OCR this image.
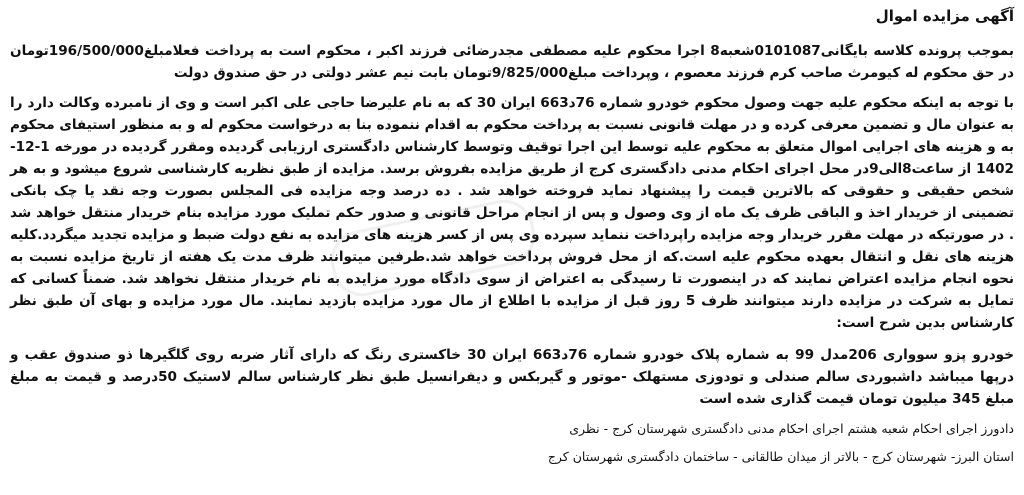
آگهی مزایده اموال

بموجب پرونده کلاسه بایگانی0101087شعبه8 اجرا محکوم علیه مصطفی مجدرضائی فرزند اکبر ، محکوم است به پرداخت فعلامبلغ196/500/000تومان در حق محکوم له کیومرث صاحب کرم فرزند معصوم ، وپرداخت مبلغ9/825/000تومان بابت نیم عشر دولتی در حق صندوق دولت

با توجه به اینکه محکوم علیه جهت وصول محکوم خودرو شماره 76د663 ایران 30 که به نام علیرضا حاجی علی اکبر است و وی از نامبرده وکالت دارد را به عنوان مال و تضمین معرفی کرده و در مهلت قانونی نسبت به پرداخت محکوم به اقدام ننموده بنا به درخواست محکوم له و به منظور استیفای محکوم به و هزینه های اجرایی اموال متعلق به محکوم علیه توسط این اجرا توقیف وتوسط کارشناس دادگستری ارزیابی گردیده ومقرر گردیده در مورخه 1-12-1402 از ساعت8الی9در محل اجرای احکام مدنی دادگستری کرج از طریق مزایده بفروش برسد. مزایده از طبق نظریه کارشناسی شروع میشود و به هر شخص حقیقی و حقوقی که بالاترین قیمت را پیشنهاد نماید فروخته خواهد شد . ده درصد وجه مزایده فی المجلس بصورت وجه نقد یا چک بانکی تضمینی از خریدار اخذ و الباقی ظرف یک ماه از وی وصول و پس از انجام مراحل قانونی و صدور حکم تملیک مورد مزایده بنام خریدار منتقل خواهد شد . در صورتیکه در مهلت مقرر خریدار وجه مزایده راپرداخت ننماید سپرده وی پس از کسر هزینه های مزایده به نفع دولت ضبط و مزایده تجدید میگردد.کلیه هزینه های نقل و انتقال بعهده محکوم علیه است.که از محل فروش پرداخت خواهد شد.طرفین میتوانند ظرف مدت یک هفته از تاریخ مزایده نسبت به نحوه انجام مزایده اعتراض نمایند که در اینصورت تا رسیدگی به اعتراض از سوی دادگاه مورد مزایده به نام خریدار منتقل نخواهد شد. ضمناً کسانی که تمایل به شرکت در مزایده دارند میتوانند ظرف 5 روز قبل از مزایده با اطلاع از مال مورد مزایده بازدید نمایند. مال مورد مزایده و بهای آن طبق نظر کارشناس بدین شرح است:

خودرو پزو سوواری 206مدل 99 به شماره پلاک خودرو شماره 76د663 ایران 30 خاکستری رنگ که دارای آثار ضربه روی گلگیرها ذو صندوق عقب و درپها میباشد داشبوردی سالم صندلی و تودوزی مستهلک -موتور و گیربکس و دیفرانسیل طبق نظر کارشناس سالم لاستیک 50درصد و قیمت به مبلغ مبلغ 345 میلیون تومان قیمت گذاری شده است

دادورز اجرای احکام شعبه هشتم اجرای احکام مدنی دادگستری شهرستان کرج - نظری

استان البرز- شهرستان کرج - بالاتر از میدان طالقانی - ساختمان دادگستری شهرستان کرج
